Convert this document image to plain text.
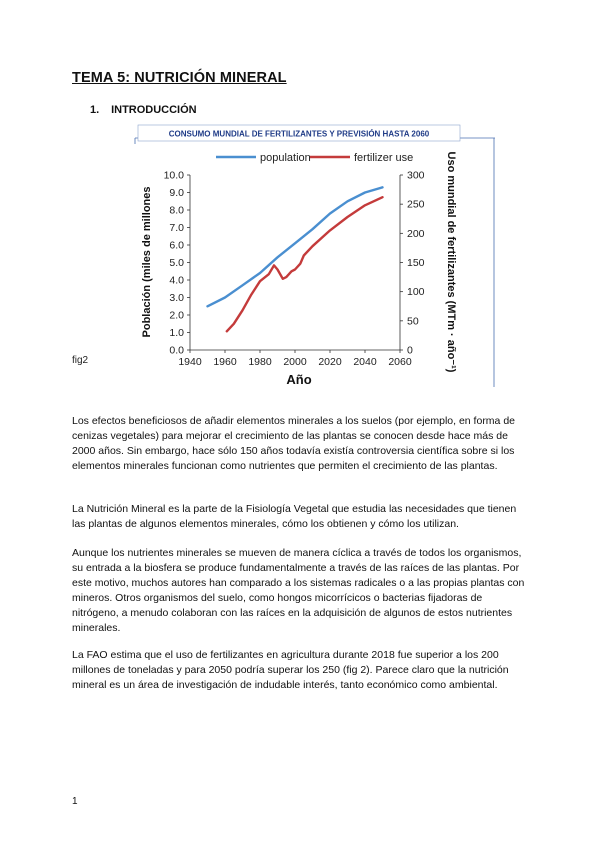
TEMA 5: NUTRICIÓN MINERAL
1. INTRODUCCIÓN
fig2
CONSUMO MUNDIAL DE FERTILIZANTES Y PREVISIÓN HASTA 2060
1940 1960 1980 2000 2020 2040 2060
0.0
1.0
2.0
3.0
4.0
5.0
6.0
7.0
8.0
9.0
10.0
0
50
100
150
200
250
300
population	fertilizer use
Año
Población (miles de millones	Uso mundial de fertilizantes (MTm · año⁻¹)

Los efectos beneficiosos de añadir elementos minerales a los suelos (por ejemplo, en forma de cenizas vegetales) para mejorar el crecimiento de las plantas se conocen desde hace más de 2000 años. Sin embargo, hace sólo 150 años todavía existía controversia científica sobre si los elementos minerales funcionan como nutrientes que permiten el crecimiento de las plantas.

La Nutrición Mineral es la parte de la Fisiología Vegetal que estudia las necesidades que tienen las plantas de algunos elementos minerales, cómo los obtienen y cómo los utilizan.

Aunque los nutrientes minerales se mueven de manera cíclica a través de todos los organismos, su entrada a la biosfera se produce fundamentalmente a través de las raíces de las plantas. Por este motivo, muchos autores han comparado a los sistemas radicales o a las propias plantas con mineros. Otros organismos del suelo, como hongos micorrícicos o bacterias fijadoras de nitrógeno, a menudo colaboran con las raíces en la adquisición de algunos de estos nutrientes minerales.

La FAO estima que el uso de fertilizantes en agricultura durante 2018 fue superior a los 200 millones de toneladas y para 2050 podría superar los 250 (fig 2). Parece claro que la nutrición mineral es un área de investigación de indudable interés, tanto económico como ambiental.

1
